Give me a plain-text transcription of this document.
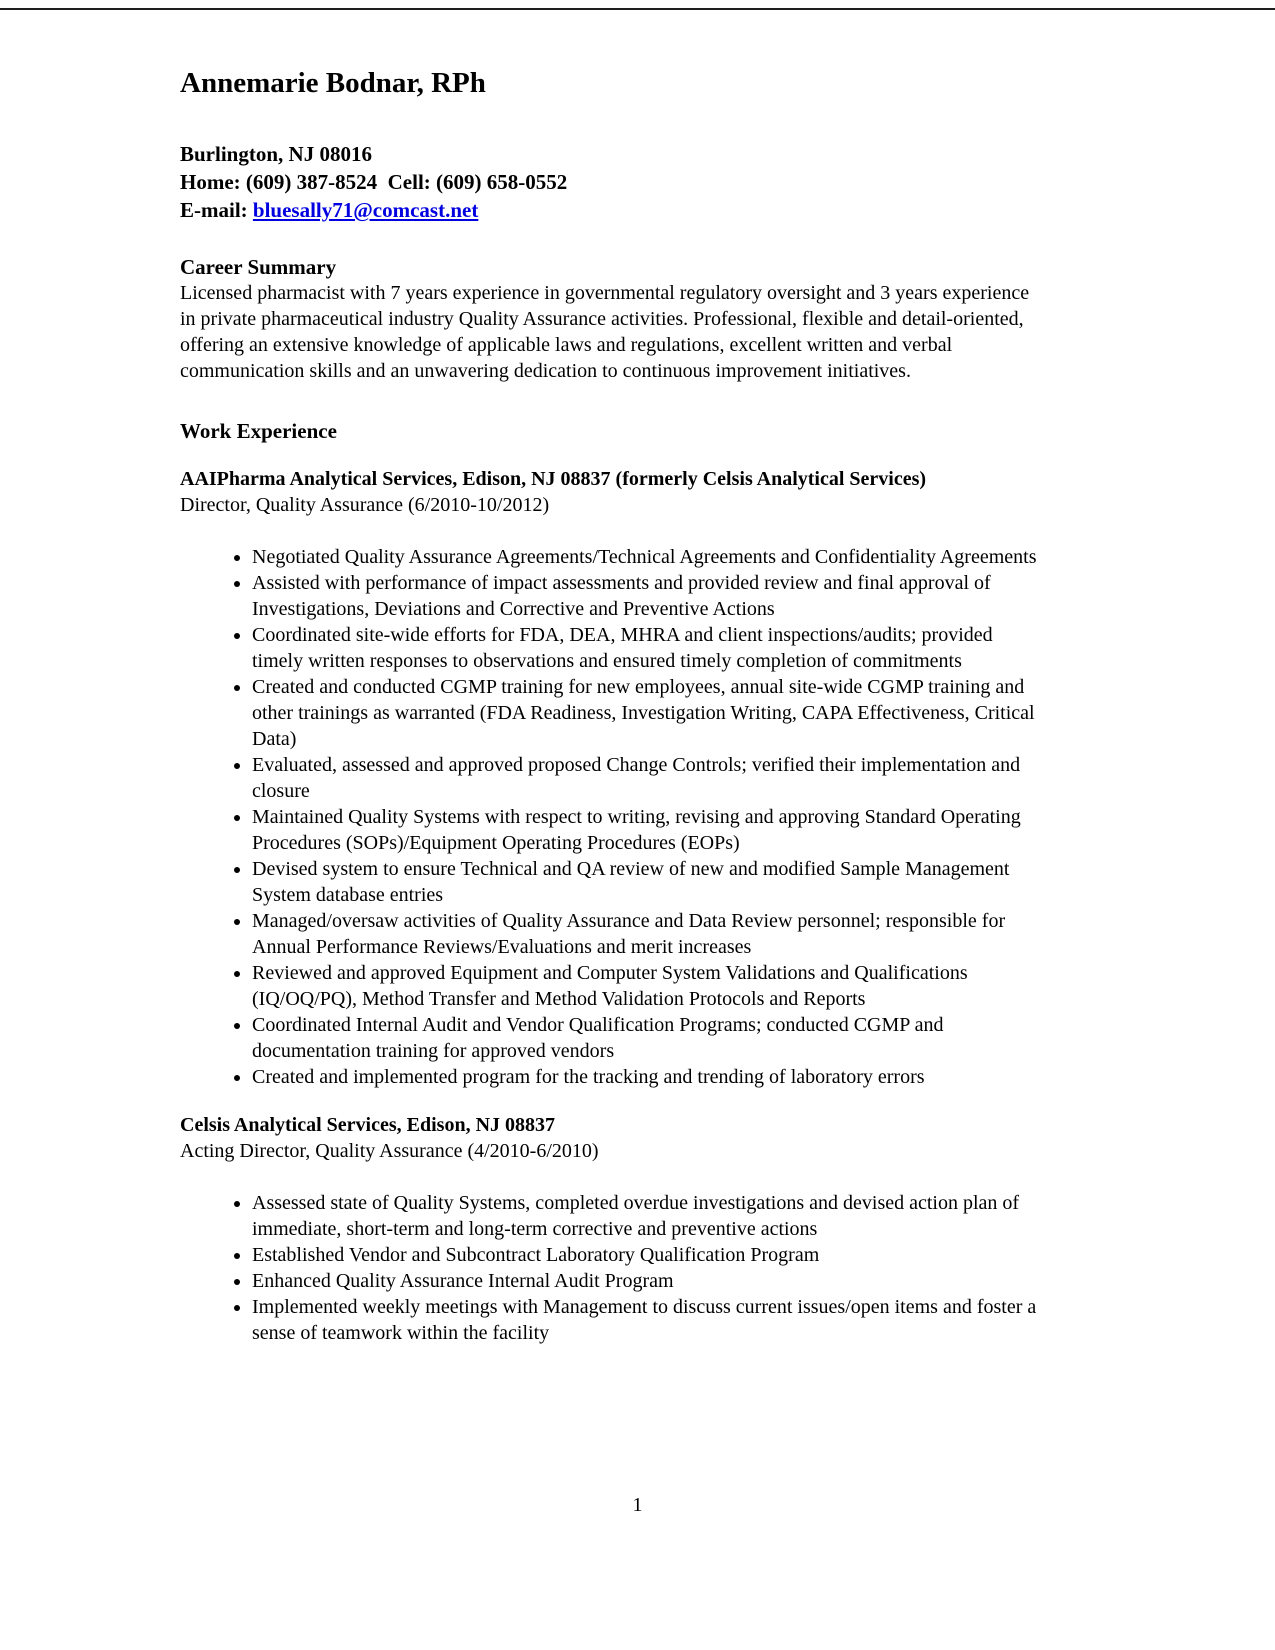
Annemarie Bodnar, RPh

Burlington, NJ 08016

Home: (609) 387-8524  Cell: (609) 658-0552

E-mail: bluesally71@comcast.net

Career Summary

Licensed pharmacist with 7 years experience in governmental regulatory oversight and 3 years experience in private pharmaceutical industry Quality Assurance activities. Professional, flexible and detail-oriented, offering an extensive knowledge of applicable laws and regulations, excellent written and verbal communication skills and an unwavering dedication to continuous improvement initiatives.

Work Experience

AAIPharma Analytical Services, Edison, NJ 08837 (formerly Celsis Analytical Services)

Director, Quality Assurance (6/2010-10/2012)

• Negotiated Quality Assurance Agreements/Technical Agreements and Confidentiality Agreements
• Assisted with performance of impact assessments and provided review and final approval of Investigations, Deviations and Corrective and Preventive Actions
• Coordinated site-wide efforts for FDA, DEA, MHRA and client inspections/audits; provided timely written responses to observations and ensured timely completion of commitments
• Created and conducted CGMP training for new employees, annual site-wide CGMP training and other trainings as warranted (FDA Readiness, Investigation Writing, CAPA Effectiveness, Critical Data)
• Evaluated, assessed and approved proposed Change Controls; verified their implementation and closure
• Maintained Quality Systems with respect to writing, revising and approving Standard Operating Procedures (SOPs)/Equipment Operating Procedures (EOPs)
• Devised system to ensure Technical and QA review of new and modified Sample Management System database entries
• Managed/oversaw activities of Quality Assurance and Data Review personnel; responsible for Annual Performance Reviews/Evaluations and merit increases
• Reviewed and approved Equipment and Computer System Validations and Qualifications (IQ/OQ/PQ), Method Transfer and Method Validation Protocols and Reports
• Coordinated Internal Audit and Vendor Qualification Programs; conducted CGMP and documentation training for approved vendors
• Created and implemented program for the tracking and trending of laboratory errors

Celsis Analytical Services, Edison, NJ 08837

Acting Director, Quality Assurance (4/2010-6/2010)

• Assessed state of Quality Systems, completed overdue investigations and devised action plan of immediate, short-term and long-term corrective and preventive actions
• Established Vendor and Subcontract Laboratory Qualification Program
• Enhanced Quality Assurance Internal Audit Program
• Implemented weekly meetings with Management to discuss current issues/open items and foster a sense of teamwork within the facility
1
